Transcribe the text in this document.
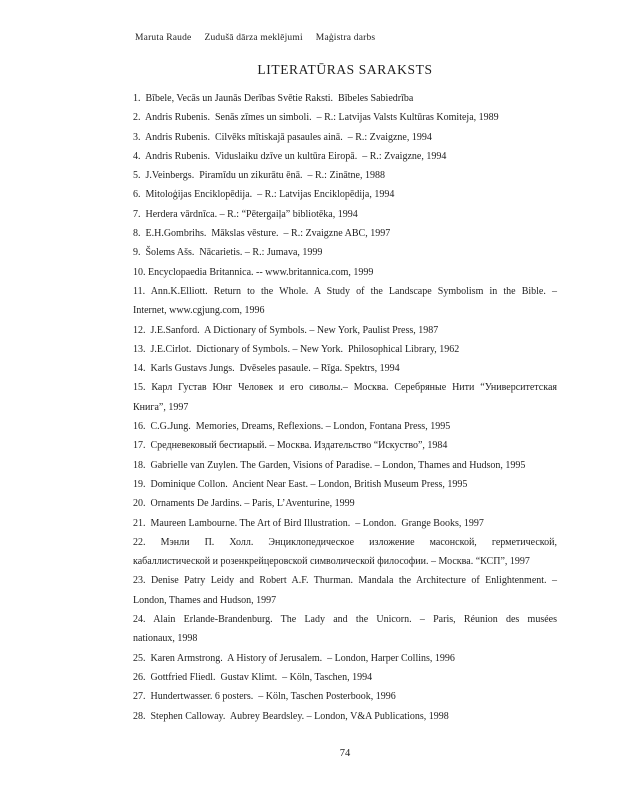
Maruta Raude Zudušā dārza meklējumi Maģistra darbs
LITERATŪRAS SARAKSTS
1.  Bībele, Vecās un Jaunās Derības Svētie Raksti.  Bībeles Sabiedrība
2.  Andris Rubenis.  Senās zīmes un simboli.  – R.: Latvijas Valsts Kultūras Komiteja, 1989
3.  Andris Rubenis.  Cilvēks mītiskajā pasaules ainā.  – R.: Zvaigzne, 1994
4.  Andris Rubenis.  Viduslaiku dzīve un kultūra Eiropā.  – R.: Zvaigzne, 1994
5.  J.Veinbergs.  Piramīdu un zikurātu ēnā.  – R.: Zinātne, 1988
6.  Mitoloģijas Enciklopēdija.  – R.: Latvijas Enciklopēdija, 1994
7.  Herdera vārdnīca. – R.: “Pētergaiļa” bibliotēka, 1994
8.  E.H.Gombrihs.  Mākslas vēsture.  – R.: Zvaigzne ABC, 1997
9.  Šolems Ašs.  Nācarietis. – R.: Jumava, 1999
10. Encyclopaedia Britannica. -- www.britannica.com, 1999
11. Ann.K.Elliott. Return to the Whole. A Study of the Landscape Symbolism in the Bible. –
Internet, www.cgjung.com, 1996
12.  J.E.Sanford.  A Dictionary of Symbols. – New York, Paulist Press, 1987
13.  J.E.Cirlot.  Dictionary of Symbols. – New York.  Philosophical Library, 1962
14.  Karls Gustavs Jungs.  Dvēseles pasaule. – Rīga. Spektrs, 1994
15. Карл Густав Юнг Человек и его сиволы.– Москва. Серебряные Нити “Университетская
Книга”, 1997
16.  C.G.Jung.  Memories, Dreams, Reflexions. – London, Fontana Press, 1995
17.  Средневековый бестиарый. – Москва. Издательство “Искуство”, 1984
18.  Gabrielle van Zuylen. The Garden, Visions of Paradise. – London, Thames and Hudson, 1995
19.  Dominique Collon.  Ancient Near East. – London, British Museum Press, 1995
20.  Ornaments De Jardins. – Paris, L’Aventurine, 1999
21.  Maureen Lambourne. The Art of Bird Illustration.  – London.  Grange Books, 1997
22. Мэнли П. Холл. Энциклопедическое изложение масонской, герметической,
кабаллистической и розенкрейцеровской символической философии. – Москва. “КСП”, 1997
23. Denise Patry Leidy and Robert A.F. Thurman. Mandala the Architecture of Enlightenment. –
London, Thames and Hudson, 1997
24. Alain Erlande-Brandenburg. The Lady and the Unicorn. – Paris, Réunion des musées
nationaux, 1998
25.  Karen Armstrong.  A History of Jerusalem.  – London, Harper Collins, 1996
26.  Gottfried Fliedl.  Gustav Klimt.  – Köln, Taschen, 1994
27.  Hundertwasser. 6 posters.  – Köln, Taschen Posterbook, 1996
28.  Stephen Calloway.  Aubrey Beardsley. – London, V&A Publications, 1998
74
